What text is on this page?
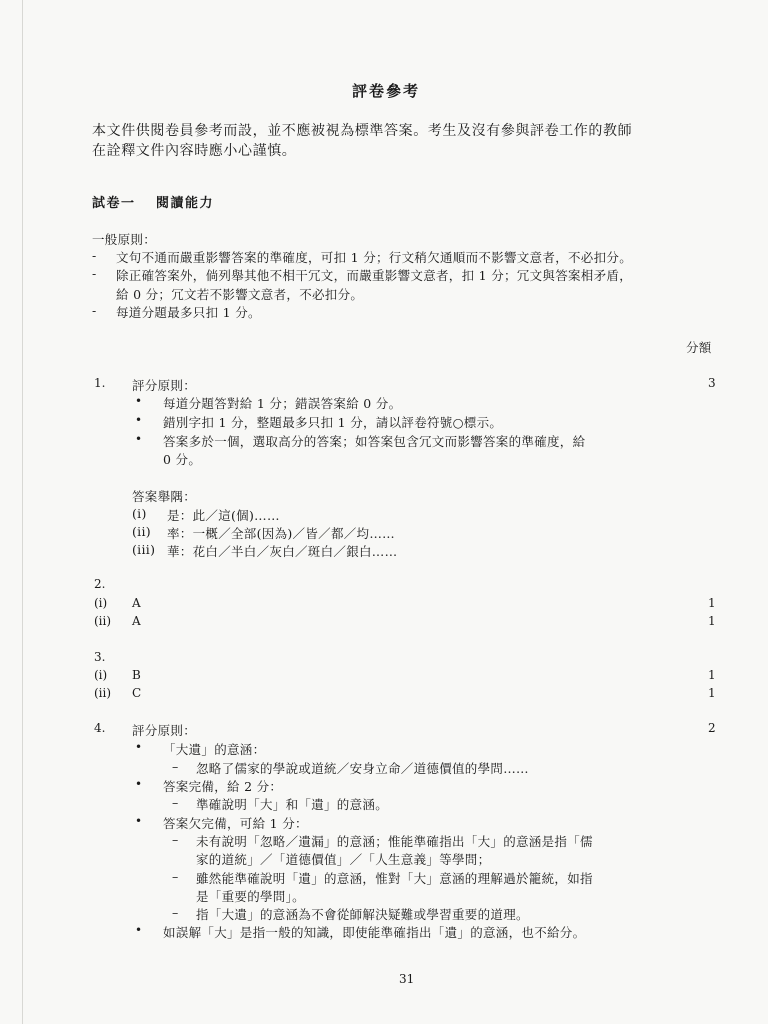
評卷參考
本文件供閱卷員參考而設，並不應被視為標準答案。考生及沒有參與評卷工作的教師
在詮釋文件內容時應小心謹慎。
試卷一 閱讀能力
一般原則：
- 文句不通而嚴重影響答案的準確度，可扣 1 分；行文稍欠通順而不影響文意者，不必扣分。
- 除正確答案外，倘列舉其他不相干冗文，而嚴重影響文意者，扣 1 分；冗文與答案相矛盾，
給 0 分；冗文若不影響文意者，不必扣分。
- 每道分題最多只扣 1 分。
分額
1. 評分原則：	3
• 每道分題答對給 1 分；錯誤答案給 0 分。
• 錯別字扣 1 分，整題最多只扣 1 分，請以評卷符號○標示。
• 答案多於一個，選取高分的答案；如答案包含冗文而影響答案的準確度，給
0 分。
答案舉隅：
(i) 是：此／這(個)……
(ii) 率：一概／全部(因為)／皆／都／均……
(iii) 華：花白／半白／灰白／斑白／銀白……
2.
(i) A	1
(ii) A	1
3.
(i) B	1
(ii) C	1
4. 評分原則：	2
• 「大遺」的意涵：
– 忽略了儒家的學說或道統／安身立命／道德價值的學問……
• 答案完備，給 2 分：
– 準確說明「大」和「遺」的意涵。
• 答案欠完備，可給 1 分：
– 未有說明「忽略／遺漏」的意涵；惟能準確指出「大」的意涵是指「儒
家的道統」／「道德價值」／「人生意義」等學問；
– 雖然能準確說明「遺」的意涵，惟對「大」意涵的理解過於籠統，如指
是「重要的學問」。
– 指「大遺」的意涵為不會從師解決疑難或學習重要的道理。
• 如誤解「大」是指一般的知識，即使能準確指出「遺」的意涵，也不給分。
31
